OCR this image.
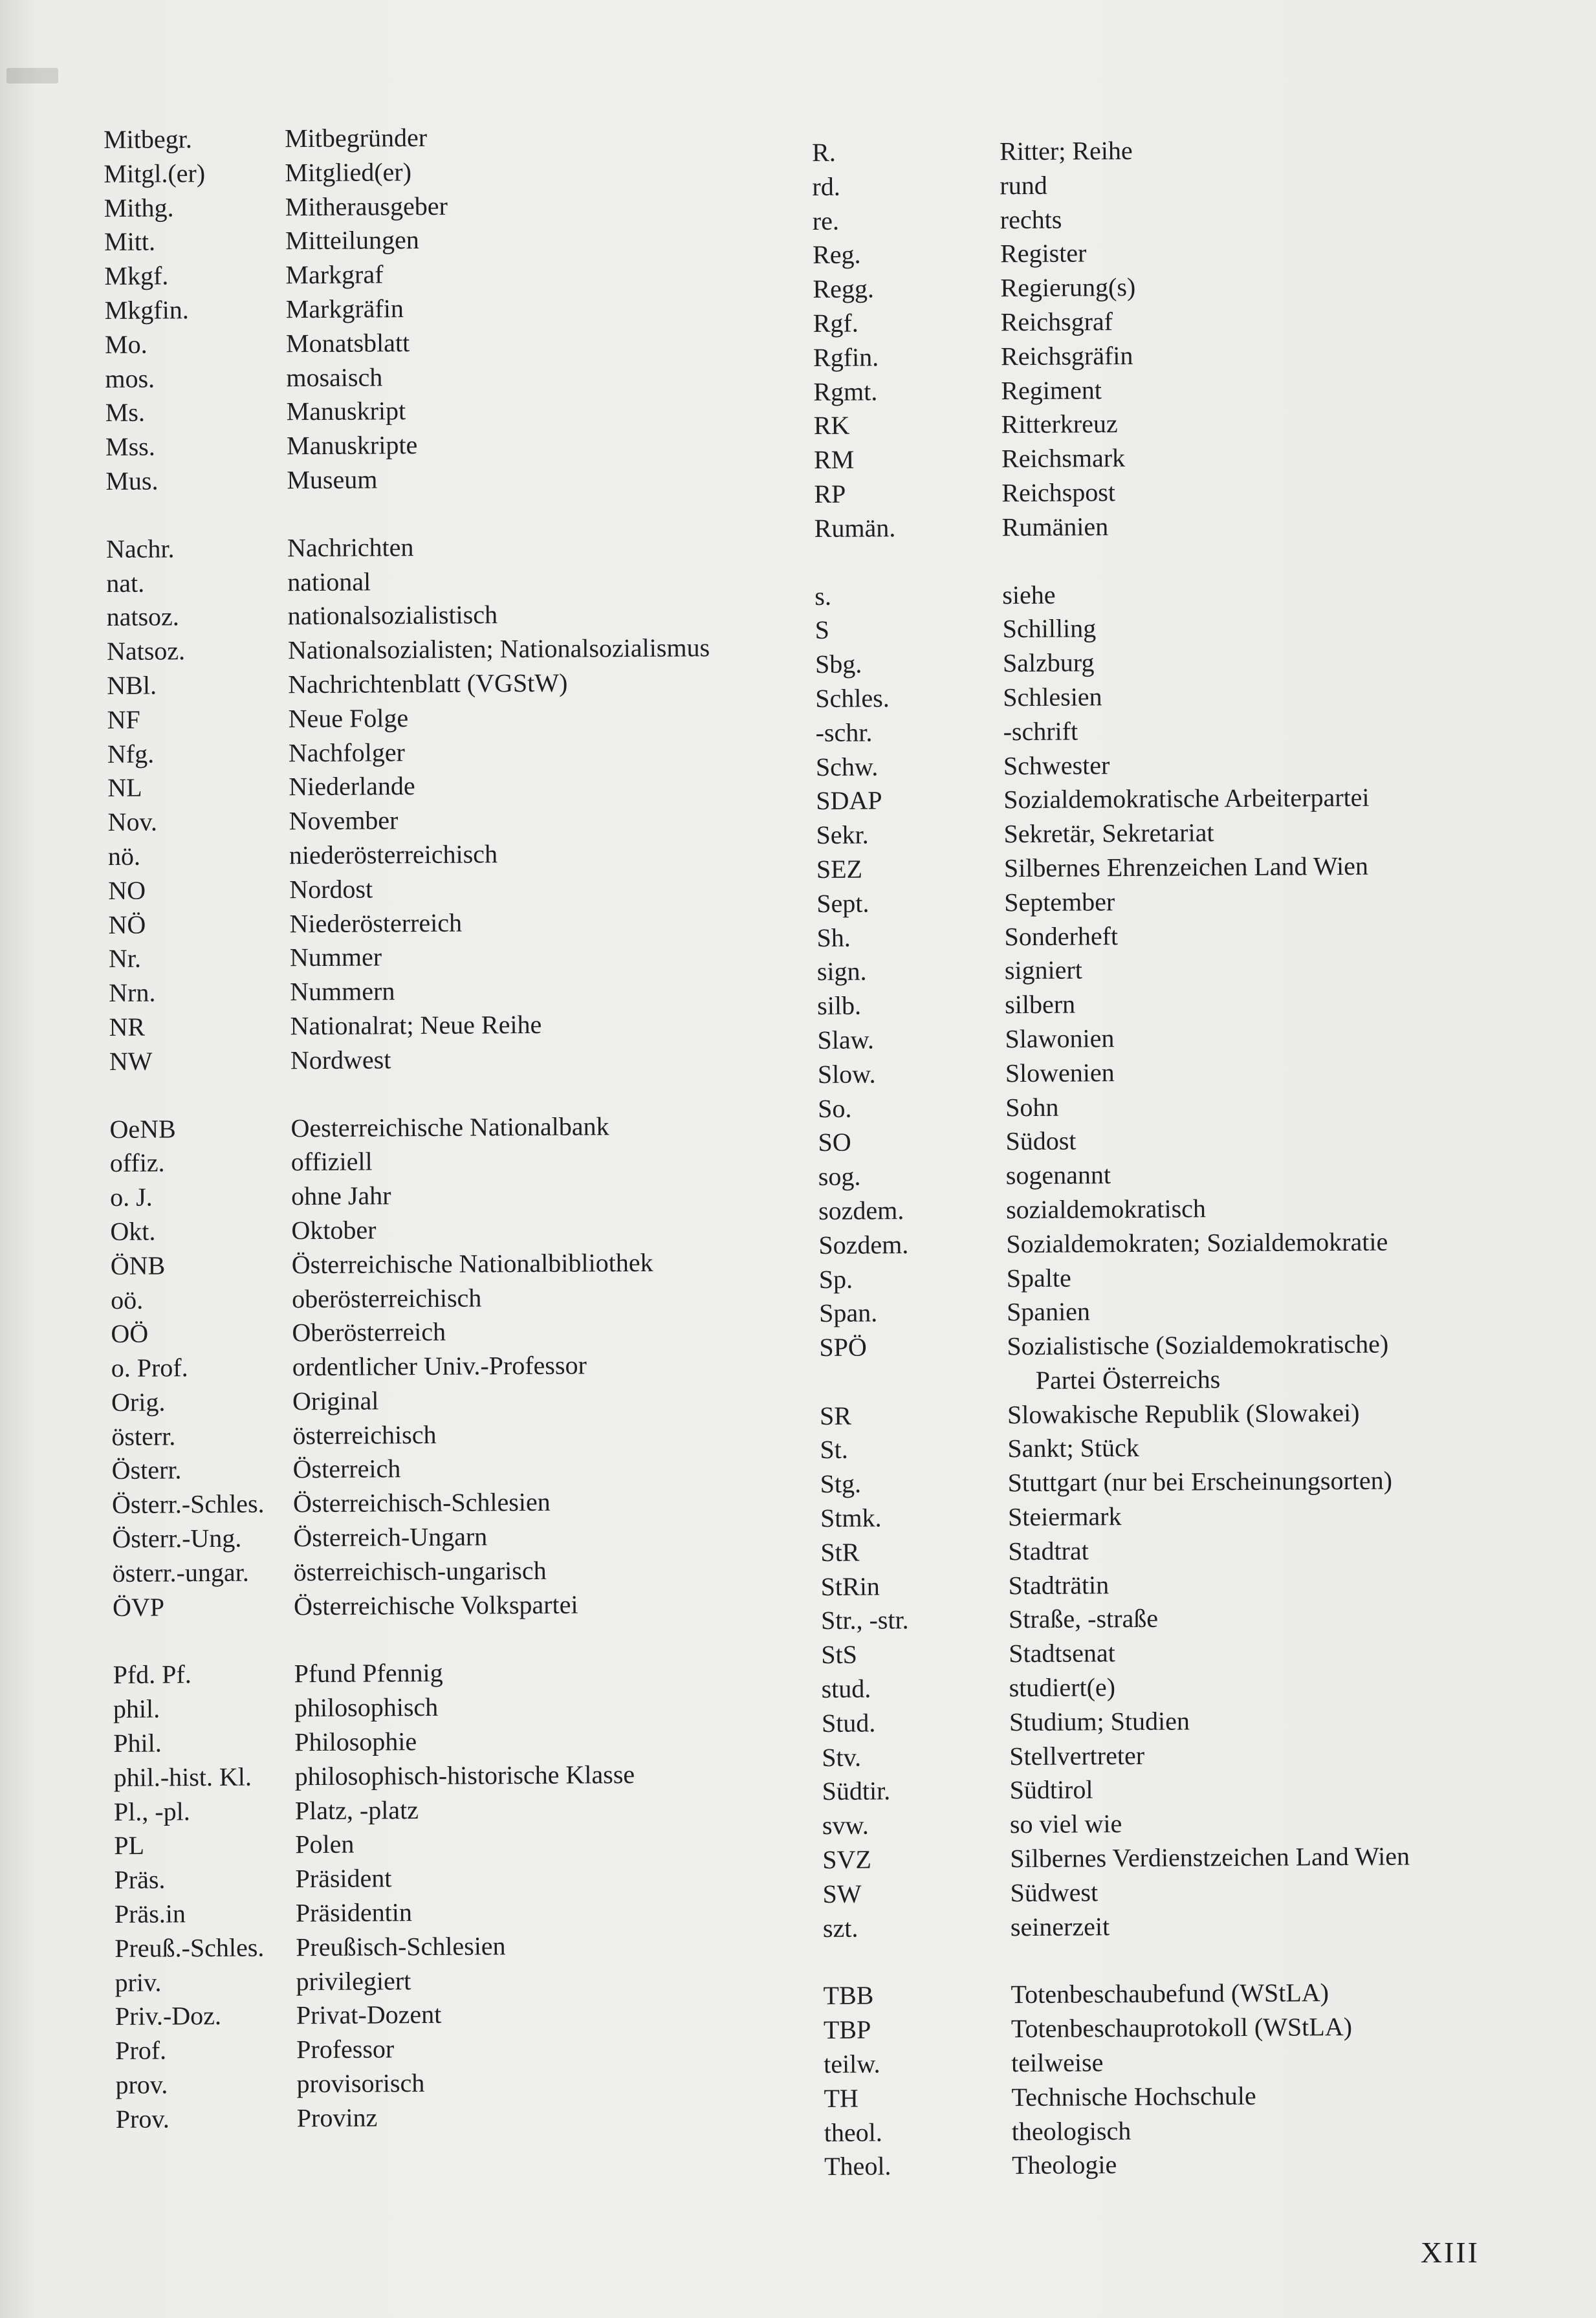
Mitbegr.	Mitbegründer
Mitgl.(er)	Mitglied(er)
Mithg.	Mitherausgeber
Mitt.	Mitteilungen
Mkgf.	Markgraf
Mkgfin.	Markgräfin
Mo.	Monatsblatt
mos.	mosaisch
Ms.	Manuskript
Mss.	Manuskripte
Mus.	Museum
Nachr.	Nachrichten
nat.	national
natsoz.	nationalsozialistisch
Natsoz.	Nationalsozialisten; Nationalsozialismus
NBl.	Nachrichtenblatt (VGStW)
NF	Neue Folge
Nfg.	Nachfolger
NL	Niederlande
Nov.	November
nö.	niederösterreichisch
NO	Nordost
NÖ	Niederösterreich
Nr.	Nummer
Nrn.	Nummern
NR	Nationalrat; Neue Reihe
NW	Nordwest
OeNB	Oesterreichische Nationalbank
offiz.	offiziell
o. J.	ohne Jahr
Okt.	Oktober
ÖNB	Österreichische Nationalbibliothek
oö.	oberösterreichisch
OÖ	Oberösterreich
o. Prof.	ordentlicher Univ.-Professor
Orig.	Original
österr.	österreichisch
Österr.	Österreich
Österr.-Schles.	Österreichisch-Schlesien
Österr.-Ung.	Österreich-Ungarn
österr.-ungar.	österreichisch-ungarisch
ÖVP	Österreichische Volkspartei
Pfd. Pf.	Pfund Pfennig
phil.	philosophisch
Phil.	Philosophie
phil.-hist. Kl.	philosophisch-historische Klasse
Pl., -pl.	Platz, -platz
PL	Polen
Präs.	Präsident
Präs.in	Präsidentin
Preuß.-Schles.	Preußisch-Schlesien
priv.	privilegiert
Priv.-Doz.	Privat-Dozent
Prof.	Professor
prov.	provisorisch
Prov.	Provinz
R.	Ritter; Reihe
rd.	rund
re.	rechts
Reg.	Register
Regg.	Regierung(s)
Rgf.	Reichsgraf
Rgfin.	Reichsgräfin
Rgmt.	Regiment
RK	Ritterkreuz
RM	Reichsmark
RP	Reichspost
Rumän.	Rumänien
s.	siehe
S	Schilling
Sbg.	Salzburg
Schles.	Schlesien
-schr.	-schrift
Schw.	Schwester
SDAP	Sozialdemokratische Arbeiterpartei
Sekr.	Sekretär, Sekretariat
SEZ	Silbernes Ehrenzeichen Land Wien
Sept.	September
Sh.	Sonderheft
sign.	signiert
silb.	silbern
Slaw.	Slawonien
Slow.	Slowenien
So.	Sohn
SO	Südost
sog.	sogenannt
sozdem.	sozialdemokratisch
Sozdem.	Sozialdemokraten; Sozialdemokratie
Sp.	Spalte
Span.	Spanien
SPÖ	Sozialistische (Sozialdemokratische)
Partei Österreichs
SR	Slowakische Republik (Slowakei)
St.	Sankt; Stück
Stg.	Stuttgart (nur bei Erscheinungsorten)
Stmk.	Steiermark
StR	Stadtrat
StRin	Stadträtin
Str., -str.	Straße, -straße
StS	Stadtsenat
stud.	studiert(e)
Stud.	Studium; Studien
Stv.	Stellvertreter
Südtir.	Südtirol
svw.	so viel wie
SVZ	Silbernes Verdienstzeichen Land Wien
SW	Südwest
szt.	seinerzeit
TBB	Totenbeschaubefund (WStLA)
TBP	Totenbeschauprotokoll (WStLA)
teilw.	teilweise
TH	Technische Hochschule
theol.	theologisch
Theol.	Theologie
XIII
